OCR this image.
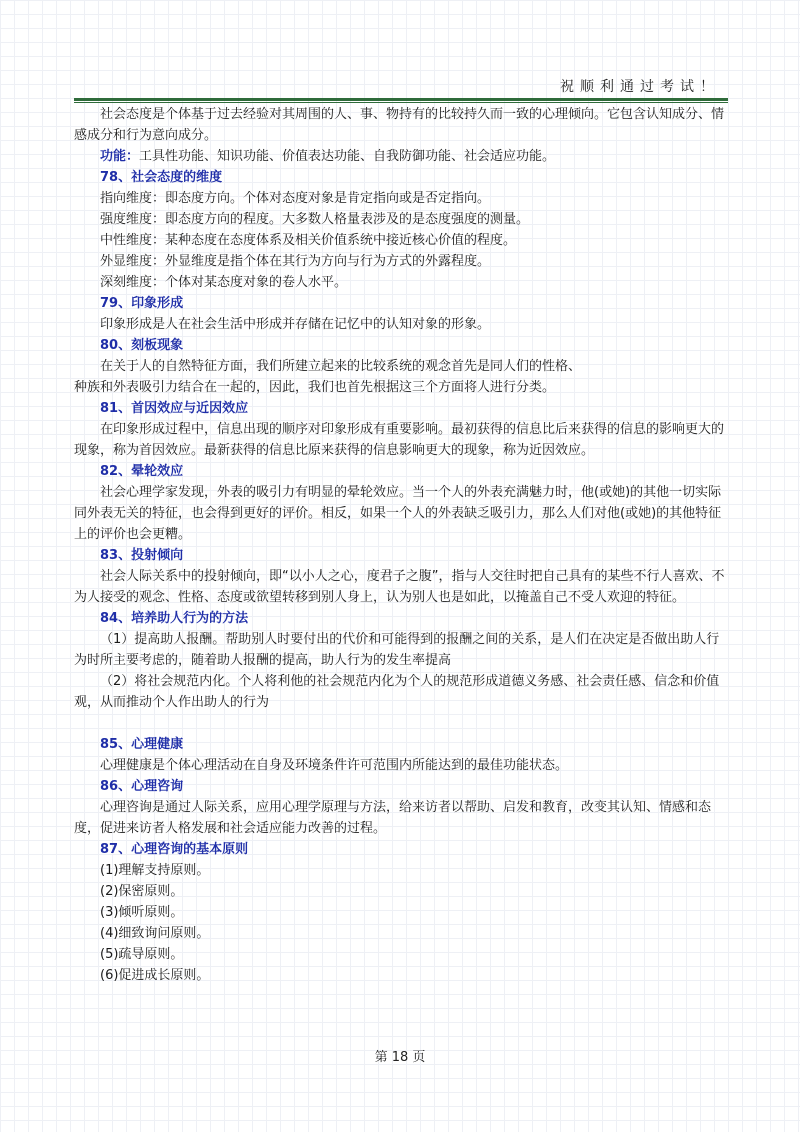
祝顺利通过考试！

社会态度是个体基于过去经验对其周围的人、事、物持有的比较持久而一致的心理倾向。它包含认知成分、情感成分和行为意向成分。

功能：工具性功能、知识功能、价值表达功能、自我防御功能、社会适应功能。

78、社会态度的维度

指向维度：即态度方向。个体对态度对象是肯定指向或是否定指向。

强度维度：即态度方向的程度。大多数人格量表涉及的是态度强度的测量。

中性维度：某种态度在态度体系及相关价值系统中接近核心价值的程度。

外显维度：外显维度是指个体在其行为方向与行为方式的外露程度。

深刻维度：个体对某态度对象的卷人水平。

79、印象形成

印象形成是人在社会生活中形成并存储在记忆中的认知对象的形象。

80、刻板现象

在关于人的自然特征方面，我们所建立起来的比较系统的观念首先是同人们的性格、

种族和外表吸引力结合在一起的，因此，我们也首先根据这三个方面将人进行分类。

81、首因效应与近因效应

在印象形成过程中，信息出现的顺序对印象形成有重要影响。最初获得的信息比后来获得的信息的影响更大的现象，称为首因效应。最新获得的信息比原来获得的信息影响更大的现象，称为近因效应。

82、晕轮效应

社会心理学家发现，外表的吸引力有明显的晕轮效应。当一个人的外表充满魅力时，他(或她)的其他一切实际同外表无关的特征，也会得到更好的评价。相反，如果一个人的外表缺乏吸引力，那么人们对他(或她)的其他特征上的评价也会更糟。

83、投射倾向

社会人际关系中的投射倾向，即“以小人之心，度君子之腹”，指与人交往时把自己具有的某些不行人喜欢、不为人接受的观念、性格、态度或欲望转移到别人身上，认为别人也是如此，以掩盖自己不受人欢迎的特征。

84、培养助人行为的方法

（1）提高助人报酬。帮助别人时要付出的代价和可能得到的报酬之间的关系，是人们在决定是否做出助人行为时所主要考虑的，随着助人报酬的提高，助人行为的发生率提高

（2）将社会规范内化。个人将利他的社会规范内化为个人的规范形成道德义务感、社会责任感、信念和价值观，从而推动个人作出助人的行为

85、心理健康

心理健康是个体心理活动在自身及环境条件许可范围内所能达到的最佳功能状态。

86、心理咨询

心理咨询是通过人际关系，应用心理学原理与方法，给来访者以帮助、启发和教育，改变其认知、情感和态度，促进来访者人格发展和社会适应能力改善的过程。

87、心理咨询的基本原则

(1)理解支持原则。

(2)保密原则。

(3)倾听原则。

(4)细致询问原则。

(5)疏导原则。

(6)促进成长原则。

第 18 页
